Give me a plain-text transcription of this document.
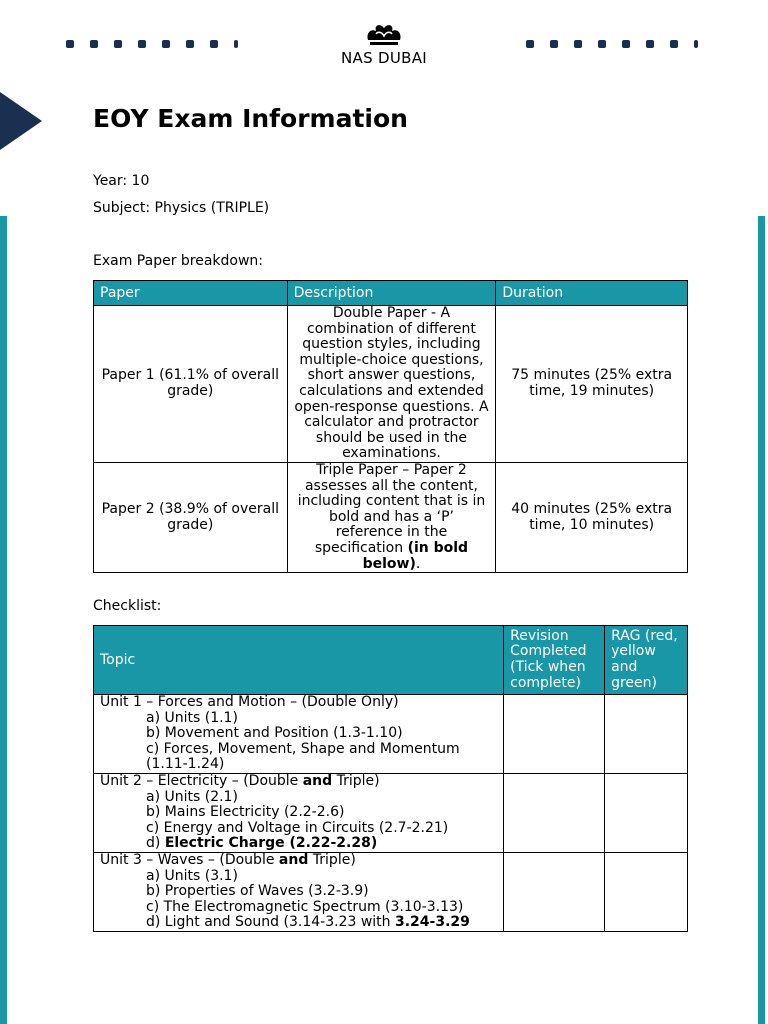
NAS DUBAI
EOY Exam Information
Year: 10
Subject: Physics (TRIPLE)
Exam Paper breakdown:
Paper	Description	Duration
Paper 1 (61.1% of overall grade)	Double Paper - A combination of different question styles, including multiple-choice questions, short answer questions, calculations and extended open-response questions. A calculator and protractor should be used in the examinations.	75 minutes (25% extra time, 19 minutes)
Paper 2 (38.9% of overall grade)	Triple Paper – Paper 2 assesses all the content, including content that is in bold and has a ‘P’ reference in the specification (in bold below).	40 minutes (25% extra time, 10 minutes)
Checklist:
Topic	Revision Completed (Tick when complete)	RAG (red, yellow and green)

Unit 1 – Forces and Motion – (Double Only)
a) Units (1.1)
b) Movement and Position (1.3-1.10)
c) Forces, Movement, Shape and Momentum (1.11-1.24)		

Unit 2 – Electricity – (Double and Triple)
a) Units (2.1)
b) Mains Electricity (2.2-2.6)
c) Energy and Voltage in Circuits (2.7-2.21)
d) Electric Charge (2.22-2.28)		

Unit 3 – Waves – (Double and Triple)
a) Units (3.1)
b) Properties of Waves (3.2-3.9)
c) The Electromagnetic Spectrum (3.10-3.13)
d) Light and Sound (3.14-3.23 with 3.24-3.29		
